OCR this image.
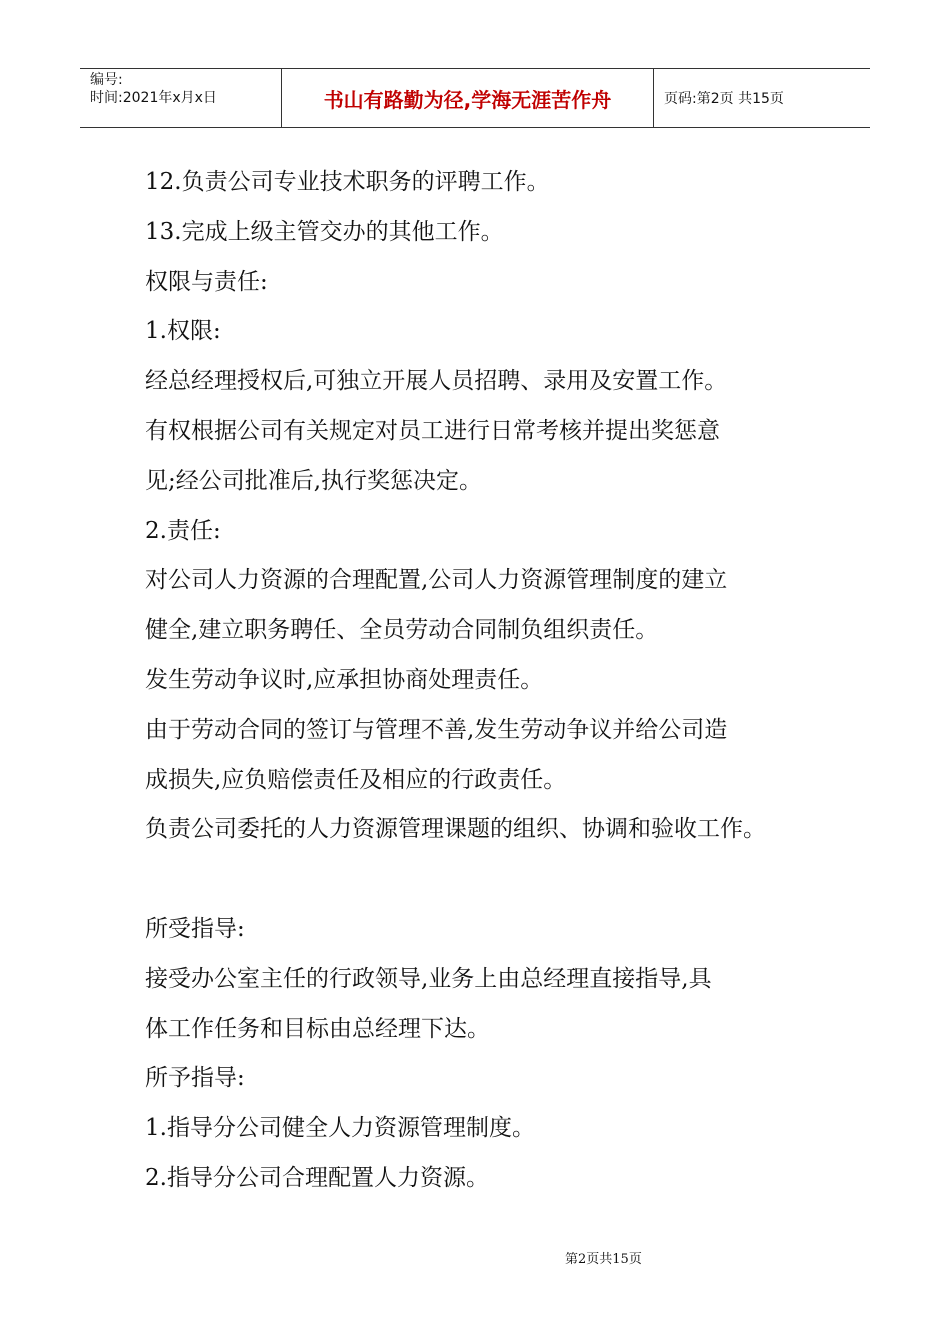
编号:
时间:2021年x月x日	书山有路勤为径,学海无涯苦作舟	页码:第2页 共15页
12.负责公司专业技术职务的评聘工作。
13.完成上级主管交办的其他工作。
权限与责任:
1.权限:
经总经理授权后,可独立开展人员招聘、录用及安置工作。
有权根据公司有关规定对员工进行日常考核并提出奖惩意
见;经公司批准后,执行奖惩决定。
2.责任:
对公司人力资源的合理配置,公司人力资源管理制度的建立
健全,建立职务聘任、全员劳动合同制负组织责任。
发生劳动争议时,应承担协商处理责任。
由于劳动合同的签订与管理不善,发生劳动争议并给公司造
成损失,应负赔偿责任及相应的行政责任。
负责公司委托的人力资源管理课题的组织、协调和验收工作。
所受指导:
接受办公室主任的行政领导,业务上由总经理直接指导,具
体工作任务和目标由总经理下达。
所予指导:
1.指导分公司健全人力资源管理制度。
2.指导分公司合理配置人力资源。
第2页共15页
